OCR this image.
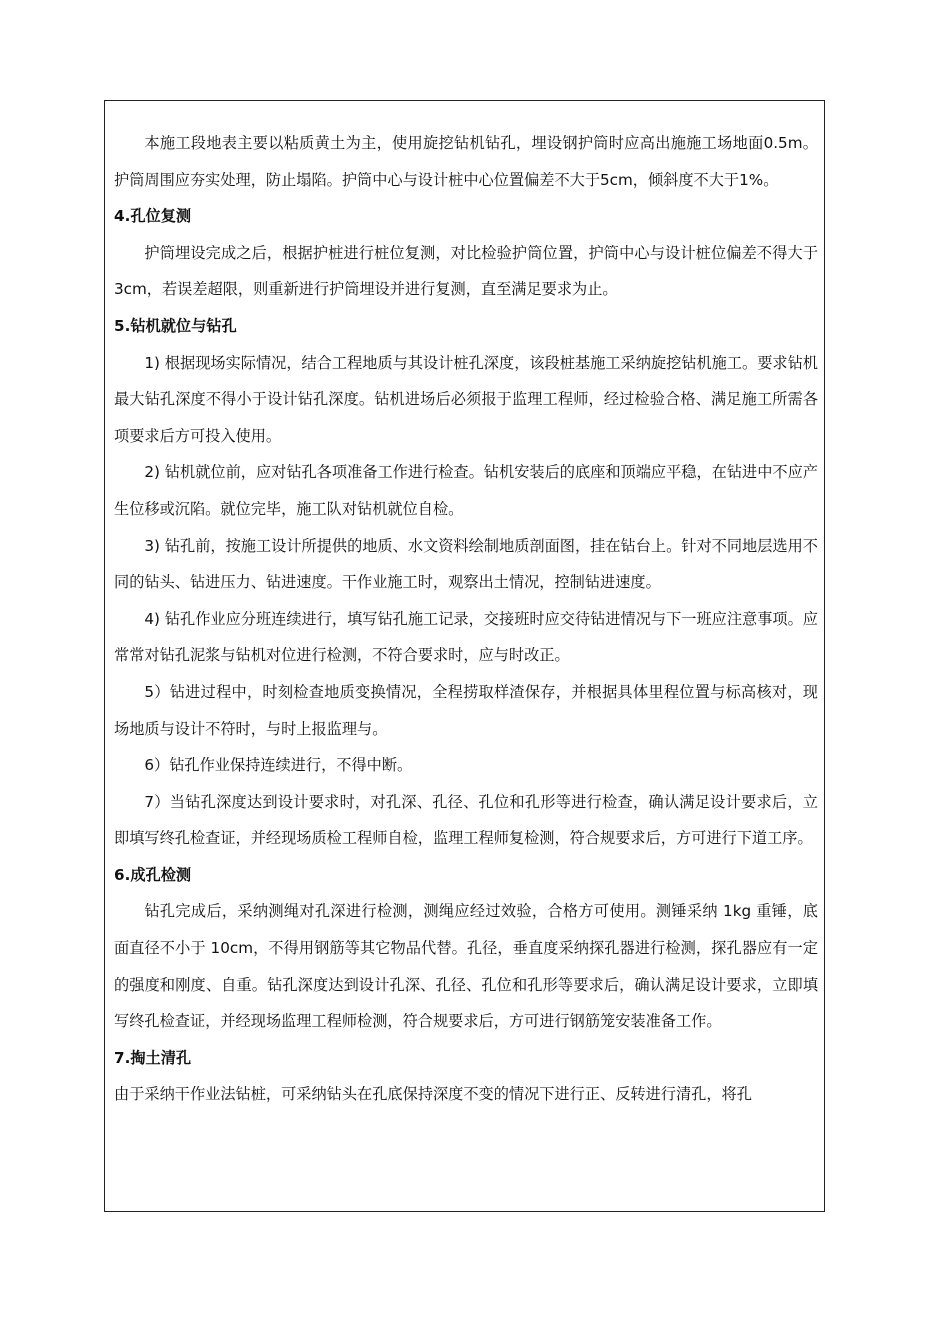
本施工段地表主要以粘质黄土为主，使用旋挖钻机钻孔，埋设钢护筒时应高出施施工场地面0.5m。护筒周围应夯实处理，防止塌陷。护筒中心与设计桩中心位置偏差不大于5cm，倾斜度不大于1%。

4.孔位复测

护筒埋设完成之后，根据护桩进行桩位复测，对比检验护筒位置，护筒中心与设计桩位偏差不得大于3cm，若误差超限，则重新进行护筒埋设并进行复测，直至满足要求为止。

5.钻机就位与钻孔

1) 根据现场实际情况，结合工程地质与其设计桩孔深度，该段桩基施工采纳旋挖钻机施工。要求钻机最大钻孔深度不得小于设计钻孔深度。钻机进场后必须报于监理工程师，经过检验合格、满足施工所需各项要求后方可投入使用。

2) 钻机就位前，应对钻孔各项准备工作进行检查。钻机安装后的底座和顶端应平稳，在钻进中不应产生位移或沉陷。就位完毕，施工队对钻机就位自检。

3) 钻孔前，按施工设计所提供的地质、水文资料绘制地质剖面图，挂在钻台上。针对不同地层选用不同的钻头、钻进压力、钻进速度。干作业施工时，观察出土情况，控制钻进速度。

4) 钻孔作业应分班连续进行，填写钻孔施工记录，交接班时应交待钻进情况与下一班应注意事项。应常常对钻孔泥浆与钻机对位进行检测，不符合要求时，应与时改正。

5）钻进过程中，时刻检查地质变换情况，全程捞取样渣保存，并根据具体里程位置与标高核对，现场地质与设计不符时，与时上报监理与。

6）钻孔作业保持连续进行，不得中断。

7）当钻孔深度达到设计要求时，对孔深、孔径、孔位和孔形等进行检查，确认满足设计要求后，立即填写终孔检查证，并经现场质检工程师自检，监理工程师复检测，符合规要求后，方可进行下道工序。

6.成孔检测

钻孔完成后，采纳测绳对孔深进行检测，测绳应经过效验，合格方可使用。测锤采纳 1kg 重锤，底面直径不小于 10cm，不得用钢筋等其它物品代替。孔径，垂直度采纳探孔器进行检测，探孔器应有一定的强度和刚度、自重。钻孔深度达到设计孔深、孔径、孔位和孔形等要求后，确认满足设计要求，立即填写终孔检查证，并经现场监理工程师检测，符合规要求后，方可进行钢筋笼安装准备工作。

7.掏土清孔

由于采纳干作业法钻桩，可采纳钻头在孔底保持深度不变的情况下进行正、反转进行清孔，将孔
